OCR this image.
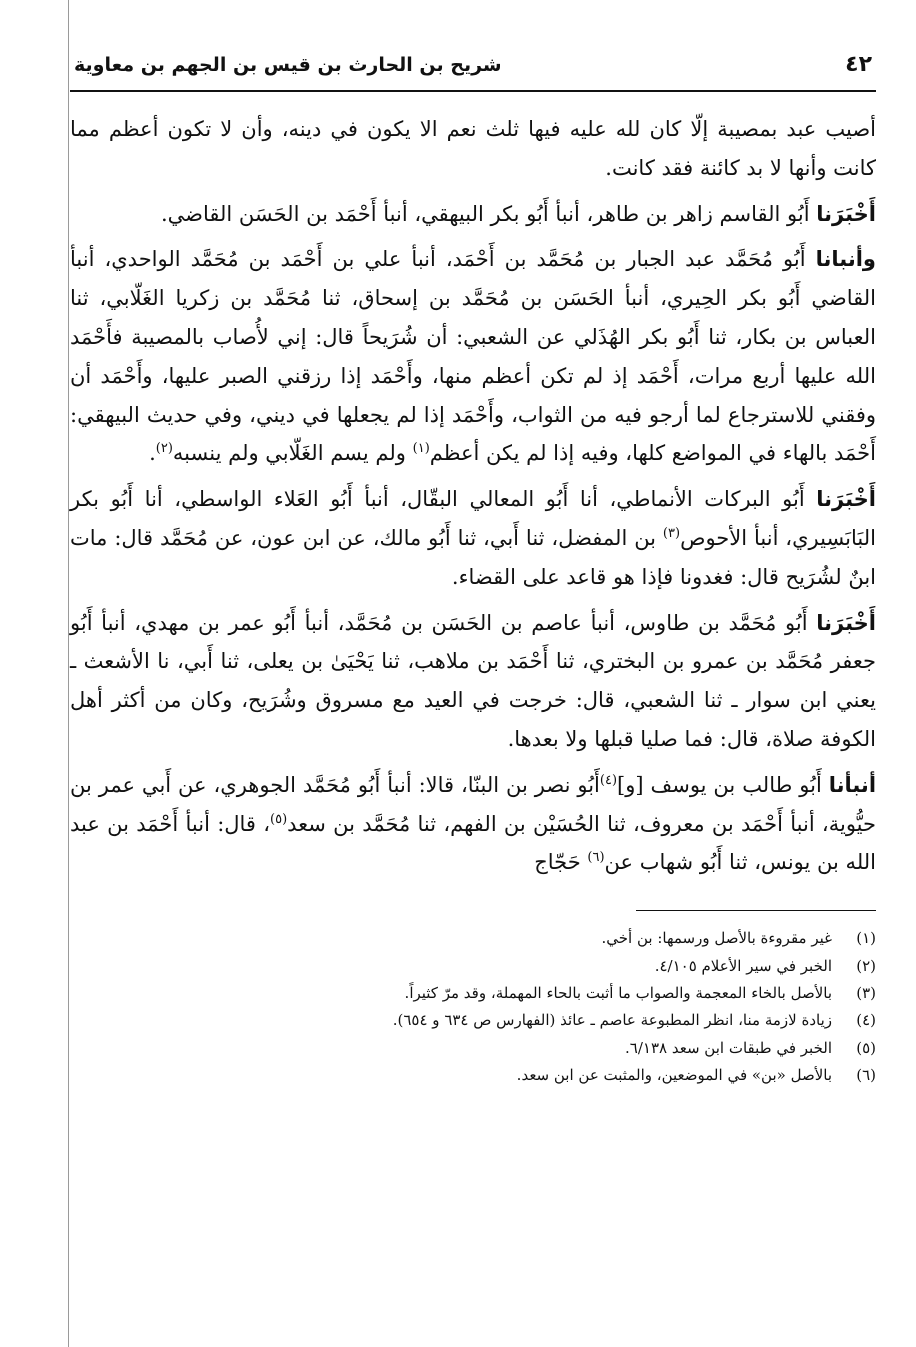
٤٢
شريح بن الحارث بن قيس بن الجهم بن معاوية

أصيب عبد بمصيبة إلّا كان لله عليه فيها ثلث نعم الا يكون في دينه، وأن لا تكون أعظم مما كانت وأنها لا بد كائنة فقد كانت.

أَخْبَرَنا أَبُو القاسم زاهر بن طاهر، أنبأ أَبُو بكر البيهقي، أنبأ أَحْمَد بن الحَسَن القاضي.

وأنبانا أَبُو مُحَمَّد عبد الجبار بن مُحَمَّد بن أَحْمَد، أنبأ علي بن أَحْمَد بن مُحَمَّد الواحدي، أنبأ القاضي أَبُو بكر الحِيري، أنبأ الحَسَن بن مُحَمَّد بن إسحاق، ثنا مُحَمَّد بن زكريا الغَلّابي، ثنا العباس بن بكار، ثنا أَبُو بكر الهُذَلي عن الشعبي: أن شُرَيحاً قال: إني لأُصاب بالمصيبة فأَحْمَد الله عليها أربع مرات، أَحْمَد إذ لم تكن أعظم منها، وأَحْمَد إذا رزقني الصبر عليها، وأَحْمَد أن وفقني للاسترجاع لما أرجو فيه من الثواب، وأَحْمَد إذا لم يجعلها في ديني، وفي حديث البيهقي: أَحْمَد بالهاء في المواضع كلها، وفيه إذا لم يكن أعظم$^{(١)}$ ولم يسم الغَلّابي ولم ينسبه$^{(٢)}$.

أَخْبَرَنا أَبُو البركات الأنماطي، أنا أَبُو المعالي البقّال، أنبأ أَبُو العَلاء الواسطي، أنا أَبُو بكر البَابَسِيري، أنبأ الأحوص$^{(٣)}$ بن المفضل، ثنا أَبي، ثنا أَبُو مالك، عن ابن عون، عن مُحَمَّد قال: مات ابنٌ لشُرَيح قال: فغدونا فإذا هو قاعد على القضاء.

أَخْبَرَنا أَبُو مُحَمَّد بن طاوس، أنبأ عاصم بن الحَسَن بن مُحَمَّد، أنبأ أَبُو عمر بن مهدي، أنبأ أَبُو جعفر مُحَمَّد بن عمرو بن البختري، ثنا أَحْمَد بن ملاهب، ثنا يَحْيَىٰ بن يعلى، ثنا أَبي، نا الأشعث ـ يعني ابن سوار ـ ثنا الشعبي، قال: خرجت في العيد مع مسروق وشُرَيح، وكان من أكثر أهل الكوفة صلاة، قال: فما صليا قبلها ولا بعدها.

أنبأنا أَبُو طالب بن يوسف [و]$^{(٤)}$أَبُو نصر بن البنّا، قالا: أنبأ أَبُو مُحَمَّد الجوهري، عن أَبي عمر بن حيُّوية، أنبأ أَحْمَد بن معروف، ثنا الحُسَيْن بن الفهم، ثنا مُحَمَّد بن سعد$^{(٥)}$، قال: أنبأ أَحْمَد بن عبد الله بن يونس، ثنا أَبُو شهاب عن$^{(٦)}$ حَجّاج

(١)
غير مقروءة بالأصل ورسمها: بن أخي.
(٢)
الخبر في سير الأعلام ٤/١٠٥.
(٣)
بالأصل بالخاء المعجمة والصواب ما أثبت بالحاء المهملة، وقد مرّ كثيراً.
(٤)
زيادة لازمة منا، انظر المطبوعة عاصم ـ عائذ (الفهارس ص ٦٣٤ و ٦٥٤).
(٥)
الخبر في طبقات ابن سعد ٦/١٣٨.
(٦)
بالأصل «بن» في الموضعين، والمثبت عن ابن سعد.
